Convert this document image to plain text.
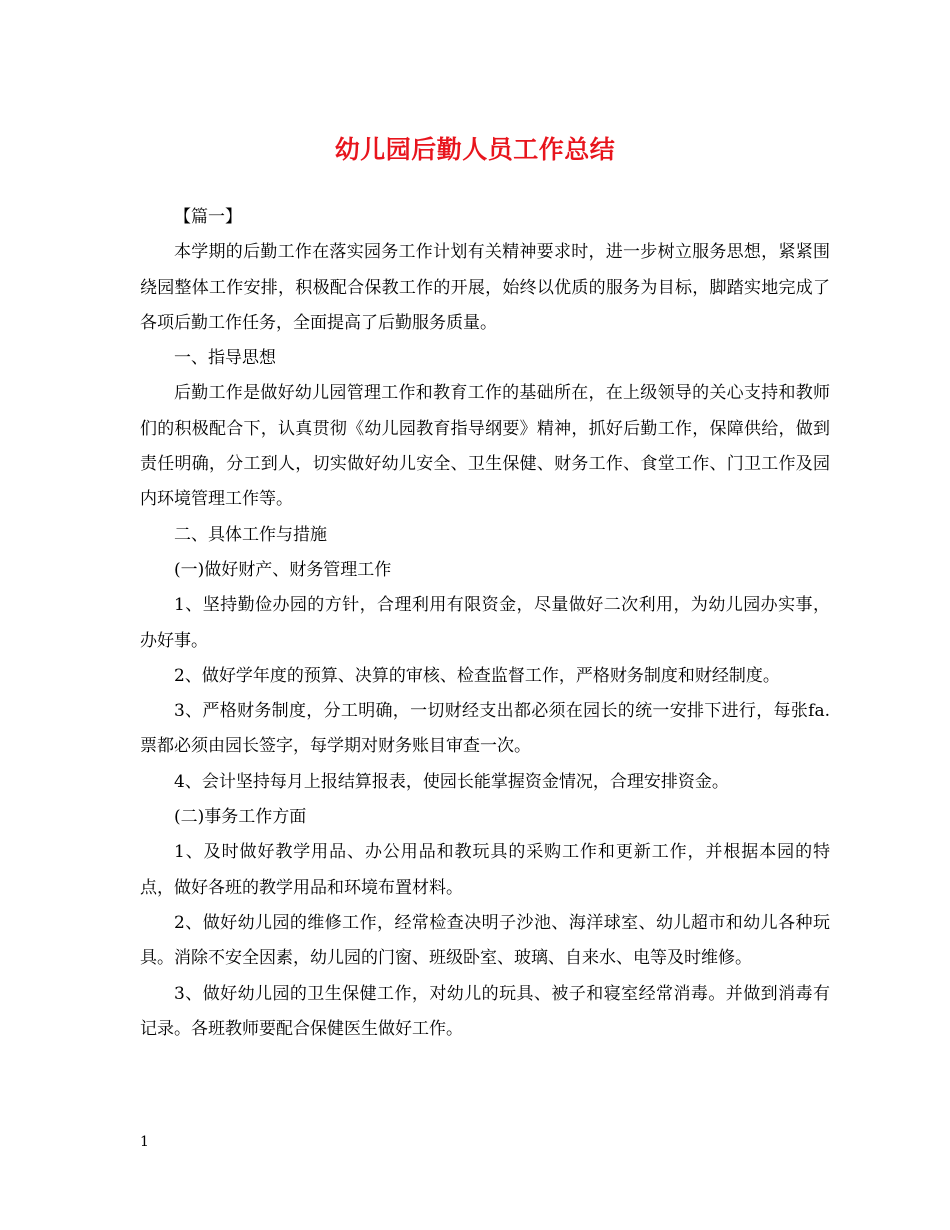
幼儿园后勤人员工作总结

【篇一】

本学期的后勤工作在落实园务工作计划有关精神要求时，进一步树立服务思想，紧紧围绕园整体工作安排，积极配合保教工作的开展，始终以优质的服务为目标，脚踏实地完成了各项后勤工作任务，全面提高了后勤服务质量。

一、指导思想

后勤工作是做好幼儿园管理工作和教育工作的基础所在，在上级领导的关心支持和教师们的积极配合下，认真贯彻《幼儿园教育指导纲要》精神，抓好后勤工作，保障供给，做到责任明确，分工到人，切实做好幼儿安全、卫生保健、财务工作、食堂工作、门卫工作及园内环境管理工作等。

二、具体工作与措施

(一)做好财产、财务管理工作

1、坚持勤俭办园的方针，合理利用有限资金，尽量做好二次利用，为幼儿园办实事，办好事。

2、做好学年度的预算、决算的审核、检查监督工作，严格财务制度和财经制度。

3、严格财务制度，分工明确，一切财经支出都必须在园长的统一安排下进行，每张fa.票都必须由园长签字，每学期对财务账目审查一次。

4、会计坚持每月上报结算报表，使园长能掌握资金情况，合理安排资金。

(二)事务工作方面

1、及时做好教学用品、办公用品和教玩具的采购工作和更新工作，并根据本园的特点，做好各班的教学用品和环境布置材料。

2、做好幼儿园的维修工作，经常检查决明子沙池、海洋球室、幼儿超市和幼儿各种玩具。消除不安全因素，幼儿园的门窗、班级卧室、玻璃、自来水、电等及时维修。

3、做好幼儿园的卫生保健工作，对幼儿的玩具、被子和寝室经常消毒。并做到消毒有记录。各班教师要配合保健医生做好工作。

1
